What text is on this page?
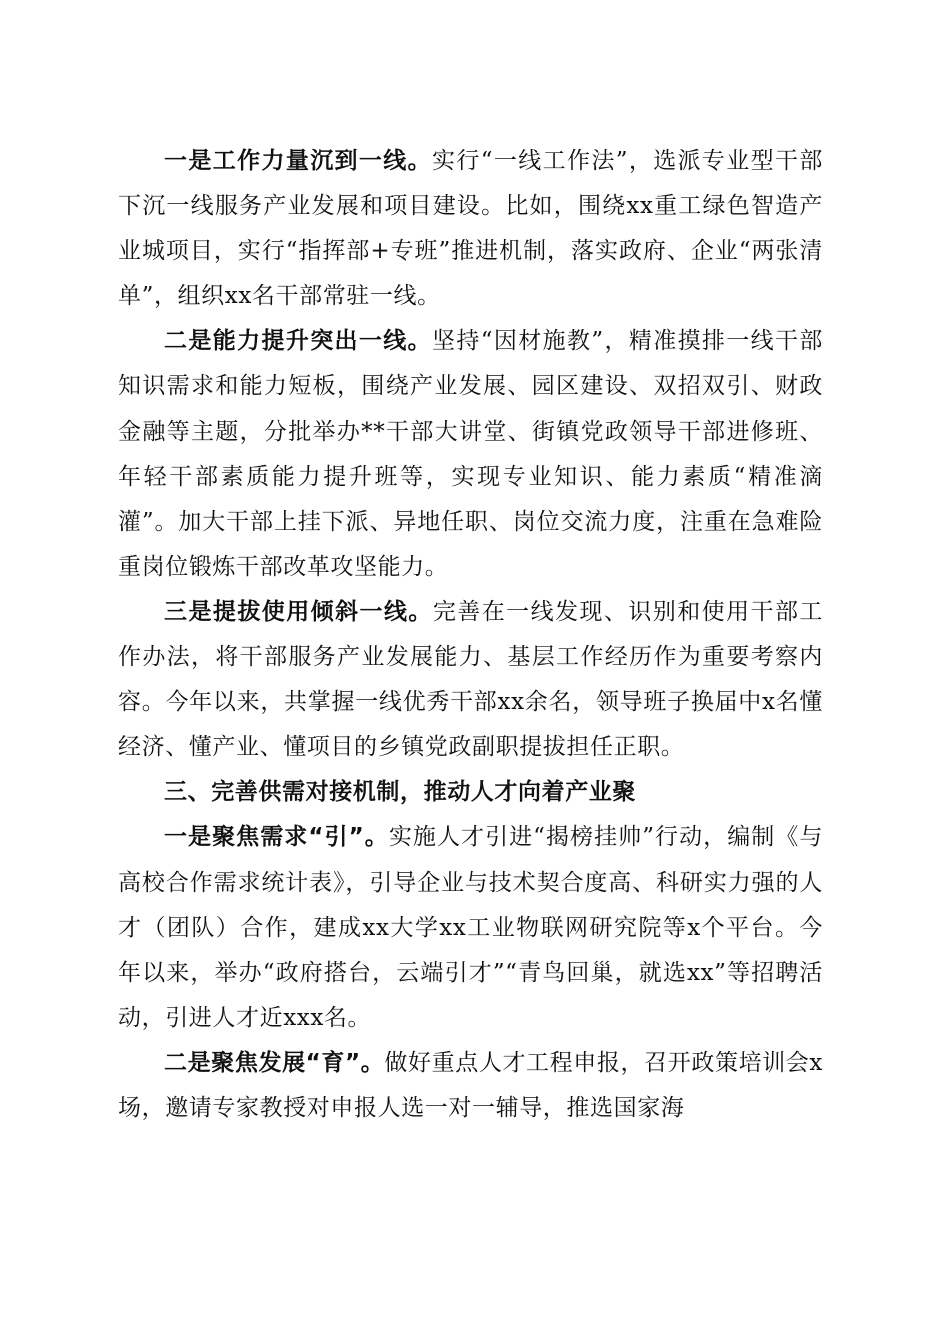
一是工作力量沉到一线。实行“一线工作法”，选派专业型干部下沉一线服务产业发展和项目建设。比如，围绕xx重工绿色智造产业城项目，实行“指挥部+专班”推进机制，落实政府、企业“两张清单”，组织xx名干部常驻一线。

二是能力提升突出一线。坚持“因材施教”，精准摸排一线干部知识需求和能力短板，围绕产业发展、园区建设、双招双引、财政金融等主题，分批举办**干部大讲堂、街镇党政领导干部进修班、年轻干部素质能力提升班等，实现专业知识、能力素质“精准滴灌”。加大干部上挂下派、异地任职、岗位交流力度，注重在急难险重岗位锻炼干部改革攻坚能力。

三是提拔使用倾斜一线。完善在一线发现、识别和使用干部工作办法，将干部服务产业发展能力、基层工作经历作为重要考察内容。今年以来，共掌握一线优秀干部xx余名，领导班子换届中x名懂经济、懂产业、懂项目的乡镇党政副职提拔担任正职。

三、完善供需对接机制，推动人才向着产业聚

一是聚焦需求“引”。实施人才引进“揭榜挂帅”行动，编制《与高校合作需求统计表》，引导企业与技术契合度高、科研实力强的人才（团队）合作，建成xx大学xx工业物联网研究院等x个平台。今年以来，举办“政府搭台，云端引才”“青鸟回巢，就选xx”等招聘活动，引进人才近xxx名。

二是聚焦发展“育”。做好重点人才工程申报，召开政策培训会x场，邀请专家教授对申报人选一对一辅导，推选国家海
